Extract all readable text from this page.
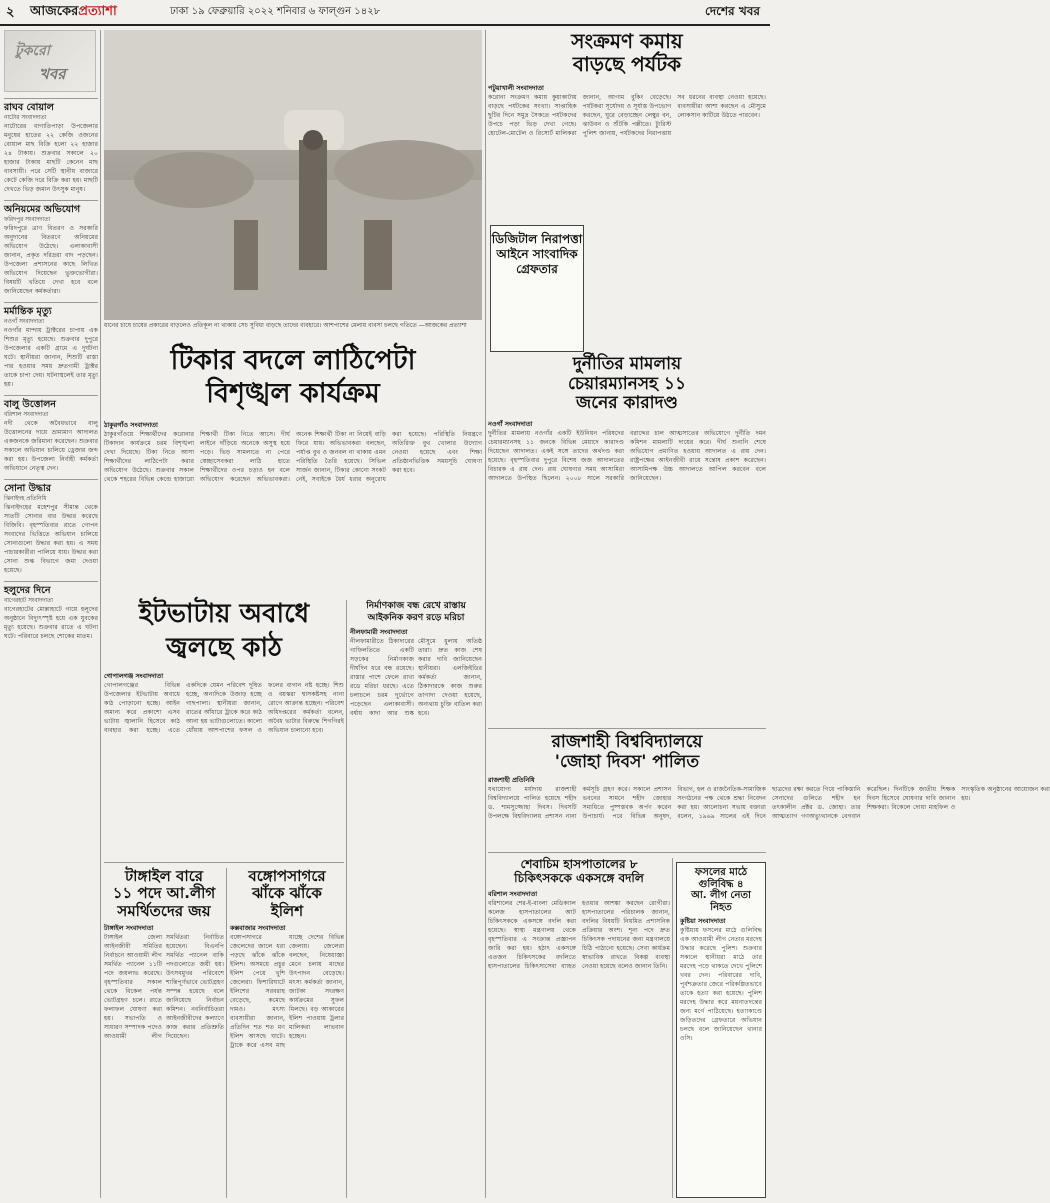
২ আজকেরপ্রত্যাশা	ঢাকা ১৯ ফেব্রুয়ারি ২০২২ শনিবার ৬ ফাল্গুন ১৪২৮	দেশের খবর
টুকরো
খবর
রাঘব বোয়াল
নাটোর সংবাদদাতা
নাটোরের বাগাতিপাড়া উপজেলার মনুষের হাতের ২২ কেজি ওজনের বোয়াল মাছ বিক্রি হলো ২২ হাজার ২৪ টাকায়। শুক্রবার সকালে ২০ হাজার টাকায় মাছটি কেনেন মাছ ব্যবসায়ী। পরে সেটি স্থানীয় বাজারে কেটে কেজি দরে বিক্রি করা হয়। মাছটি দেখতে ভিড় জমান উৎসুক মানুষ।
অনিয়মের অভিযোগ
ফরিদপুর সংবাদদাতা
ফরিদপুরে ত্রাণ বিতরণ ও সরকারি অনুদানের বিতরণে অনিয়মের অভিযোগ উঠেছে। এলাকাবাসী জানান, প্রকৃত দরিদ্ররা বাদ পড়ছেন। উপজেলা প্রশাসনের কাছে লিখিত অভিযোগ দিয়েছেন ভুক্তভোগীরা। বিষয়টি খতিয়ে দেখা হবে বলে জানিয়েছেন কর্মকর্তারা।
মর্মান্তিক মৃত্যু
নওগাঁ সংবাদদাতা
নওগাঁর মান্দায় ট্রাক্টরের চাপায় এক শিশুর মৃত্যু হয়েছে। শুক্রবার দুপুরে উপজেলার একটি গ্রামে এ দুর্ঘটনা ঘটে। স্থানীয়রা জানান, শিশুটি রাস্তা পার হওয়ার সময় দ্রুতগামী ট্রাক্টর তাকে চাপা দেয়। ঘটনাস্থলেই তার মৃত্যু হয়।
বালু উত্তোলন
বরিশাল সংবাদদাতা
নদী থেকে অবৈধভাবে বালু উত্তোলনের দায়ে ভ্রাম্যমাণ আদালত একজনকে জরিমানা করেছেন। শুক্রবার সকালে অভিযান চালিয়ে ড্রেজার জব্দ করা হয়। উপজেলা নির্বাহী কর্মকর্তা অভিযানে নেতৃত্ব দেন।
সোনা উদ্ধার
ঝিনাইদহ প্রতিনিধি
ঝিনাইদহের মহেশপুর সীমান্ত থেকে সাতটি সোনার বার উদ্ধার করেছে বিজিবি। বৃহস্পতিবার রাতে গোপন সংবাদের ভিত্তিতে অভিযান চালিয়ে সোনাগুলো উদ্ধার করা হয়। এ সময় পাচারকারীরা পালিয়ে যায়। উদ্ধার করা সোনা শুল্ক বিভাগে জমা দেওয়া হয়েছে।
হলুদের দিনে
বাগেরহাট সংবাদদাতা
বাগেরহাটের মোল্লাহাটে গায়ে হলুদের অনুষ্ঠানে বিদ্যুৎস্পৃষ্ট হয়ে এক যুবকের মৃত্যু হয়েছে। শুক্রবার রাতে এ ঘটনা ঘটে। পরিবারে চলছে শোকের মাতম।
ধানের চাষে চাষের প্রকারের বাড়লেও প্রতিকূল না থাকায় সেচ সুবিধা বাড়ছে তাদের ব্যবহারে। আশপাশের মেলায় ব্যবসা চলছে গতিতে —আজকের প্রত্যাশা
টিকার বদলে লাঠিপেটা
বিশৃঙ্খল কার্যক্রম
ঠাকুরগাঁও সংবাদদাতা
ঠাকুরগাঁওয়ে শিক্ষার্থীদের করোনার টিকাদান কার্যক্রমে চরম বিশৃঙ্খলা দেখা দিয়েছে। টিকা নিতে আসা শিক্ষার্থীদের লাঠিপেটা করার অভিযোগ উঠেছে। শুক্রবার সকাল থেকে শহরের বিভিন্ন কেন্দ্রে হাজারো শিক্ষার্থী টিকা নিতে আসে। দীর্ঘ লাইনে দাঁড়িয়ে অনেকে অসুস্থ হয়ে পড়ে। ভিড় সামলাতে না পেরে স্বেচ্ছাসেবকরা লাঠি হাতে শিক্ষার্থীদের ওপর চড়াও হন বলে অভিযোগ করেছেন অভিভাবকরা। অনেক শিক্ষার্থী টিকা না নিয়েই বাড়ি ফিরে যায়। অভিভাবকরা বলছেন, পর্যাপ্ত বুথ ও জনবল না থাকায় এমন পরিস্থিতি তৈরি হয়েছে। সিভিল সার্জন জানান, টিকার কোনো সংকট নেই, সবাইকে ধৈর্য ধরার অনুরোধ করা হয়েছে। পরিস্থিতি নিয়ন্ত্রণে অতিরিক্ত বুথ খোলার উদ্যোগ নেওয়া হয়েছে এবং শিক্ষা প্রতিষ্ঠানভিত্তিক সময়সূচি ঘোষণা করা হবে।
ইটভাটায় অবাধে
জ্বলছে কাঠ
গোপালগঞ্জ সংবাদদাতা
গোপালগঞ্জের বিভিন্ন উপজেলার ইটভাটায় অবাধে কাঠ পোড়ানো হচ্ছে। আইন অমান্য করে প্রকাশ্যে এসব ভাটায় জ্বালানি হিসেবে কাঠ ব্যবহার করা হচ্ছে। এতে একদিকে যেমন পরিবেশ দূষিত হচ্ছে, অন্যদিকে উজাড় হচ্ছে গাছপালা। স্থানীয়রা জানান, রাতের আঁধারে ট্রাকে করে কাঠ আনা হয় ভাটাগুলোতে। কালো ধোঁয়ায় আশপাশের ফসল ও ফলের বাগান নষ্ট হচ্ছে। শিশু ও বয়স্করা শ্বাসকষ্টসহ নানা রোগে আক্রান্ত হচ্ছেন। পরিবেশ অধিদপ্তরের কর্মকর্তা বলেন, অবৈধ ভাটার বিরুদ্ধে শিগগিরই অভিযান চালানো হবে।
টাঙ্গাইল বারে
১১ পদে আ.লীগ
সমর্থিতদের জয়
টাঙ্গাইল সংবাদদাতা
টাঙ্গাইল জেলা আইনজীবী সমিতির নির্বাচনে আওয়ামী লীগ সমর্থিত প্যানেল ১১টি পদে জয়লাভ করেছে। বৃহস্পতিবার সকাল থেকে বিকেল পর্যন্ত ভোটগ্রহণ চলে। রাতে ফলাফল ঘোষণা করা হয়। সভাপতি ও সাধারণ সম্পাদক পদেও আওয়ামী লীগ সমর্থিতরা নির্বাচিত হয়েছেন। বিএনপি সমর্থিত প্যানেল বাকি পদগুলোতে জয়ী হয়। উৎসবমুখর পরিবেশে শান্তিপূর্ণভাবে ভোটগ্রহণ সম্পন্ন হয়েছে বলে জানিয়েছে নির্বাচন কমিশন। নবনির্বাচিতরা আইনজীবীদের কল্যাণে কাজ করার প্রতিশ্রুতি দিয়েছেন।
বঙ্গোপসাগরে
ঝাঁকে ঝাঁকে
ইলিশ
কক্সবাজার সংবাদদাতা
বঙ্গোপসাগরে জেলেদের জালে ধরা পড়ছে ঝাঁকে ঝাঁকে ইলিশ। অসময়ে প্রচুর ইলিশ পেয়ে খুশি জেলেরা। ফিশারিঘাটে ইলিশের সরবরাহ বেড়েছে, কমেছে দামও। মৎস্য ব্যবসায়ীরা জানান, প্রতিদিন শত শত মণ ইলিশ আসছে ঘাটে। ট্রাকে করে এসব মাছ যাচ্ছে দেশের বিভিন্ন জেলায়। জেলেরা বলছেন, নিষেধাজ্ঞা মেনে চলায় মাছের উৎপাদন বেড়েছে। মৎস্য কর্মকর্তা জানান, জাটকা সংরক্ষণ কার্যক্রমের সুফল মিলছে। বড় আকারের ইলিশ পাওয়ায় ট্রলার মালিকরা লাভবান হচ্ছেন।
নির্মাণকাজ বন্ধ রেখে রাস্তায় আইকনিক করণ রড়ে মরিচা
নীলফামারী সংবাদদাতা
নীলফামারীতে ঠিকাদারের গাফিলতিতে একটি সড়কের নির্মাণকাজ দীর্ঘদিন ধরে বন্ধ রয়েছে। রাস্তার পাশে ফেলে রাখা রডে মরিচা ধরছে। এতে চলাচলে চরম দুর্ভোগে পড়েছেন এলাকাবাসী। বর্ষায় কাদা আর শুষ্ক মৌসুমে ধুলায় অতিষ্ঠ তারা। দ্রুত কাজ শেষ করার দাবি জানিয়েছেন স্থানীয়রা। এলজিইডির কর্মকর্তা জানান, ঠিকাদারকে কাজ শুরুর তাগাদা দেওয়া হয়েছে, অন্যথায় চুক্তি বাতিল করা হবে।
সংক্রমণ কমায়
বাড়ছে পর্যটক
পটুয়াখালী সংবাদদাতা
করোনা সংক্রমণ কমায় কুয়াকাটায় বাড়ছে পর্যটকের সংখ্যা। সাপ্তাহিক ছুটির দিনে সমুদ্র সৈকতে পর্যটকদের উপচে পড়া ভিড় দেখা গেছে। হোটেল-মোটেল ও রিসোর্ট মালিকরা জানান, আগাম বুকিং বেড়েছে। পর্যটকরা সূর্যোদয় ও সূর্যাস্ত উপভোগ করছেন, ঘুরে বেড়াচ্ছেন লেম্বুর বন, ঝাউবন ও শুঁটকি পল্লীতে। ট্যুরিস্ট পুলিশ জানায়, পর্যটকদের নিরাপত্তায় সব ধরনের ব্যবস্থা নেওয়া হয়েছে। ব্যবসায়ীরা আশা করছেন এ মৌসুমে লোকসান কাটিয়ে উঠতে পারবেন।
ডিজিটাল নিরাপত্তা আইনে সাংবাদিক গ্রেফতার
দুর্নীতির মামলায়
চেয়ারম্যানসহ ১১
জনের কারাদণ্ড
নওগাঁ সংবাদদাতা
দুর্নীতির মামলায় নওগাঁর একটি ইউনিয়ন পরিষদের চেয়ারম্যানসহ ১১ জনকে বিভিন্ন মেয়াদে কারাদণ্ড দিয়েছেন আদালত। একই সঙ্গে তাদের অর্থদণ্ড করা হয়েছে। বৃহস্পতিবার দুপুরে বিশেষ জজ আদালতের বিচারক এ রায় দেন। রায় ঘোষণার সময় আসামিরা আদালতে উপস্থিত ছিলেন। ২০০৮ সালে সরকারি বরাদ্দের চাল আত্মসাতের অভিযোগে দুর্নীতি দমন কমিশন মামলাটি দায়ের করে। দীর্ঘ শুনানি শেষে অভিযোগ প্রমাণিত হওয়ায় আদালত এ রায় দেন। রাষ্ট্রপক্ষের আইনজীবী রায়ে সন্তোষ প্রকাশ করেছেন। আসামিপক্ষ উচ্চ আদালতে আপিল করবেন বলে জানিয়েছেন।
রাজশাহী বিশ্ববিদ্যালয়ে
'জোহা দিবস' পালিত
রাজশাহী প্রতিনিধি
যথাযোগ্য মর্যাদায় রাজশাহী বিশ্ববিদ্যালয়ে পালিত হয়েছে শহীদ ড. শামসুজ্জোহা দিবস। দিবসটি উপলক্ষে বিশ্ববিদ্যালয় প্রশাসন নানা কর্মসূচি গ্রহণ করে। সকালে প্রশাসন ভবনের সামনে শহীদ জোহার সমাধিতে পুষ্পস্তবক অর্পণ করেন উপাচার্য। পরে বিভিন্ন অনুষদ, বিভাগ, হল ও রাজনৈতিক-সামাজিক সংগঠনের পক্ষ থেকে শ্রদ্ধা নিবেদন করা হয়। আলোচনা সভায় বক্তারা বলেন, ১৯৬৯ সালের এই দিনে ছাত্রদের রক্ষা করতে গিয়ে পাকিস্তানি সেনাদের গুলিতে শহীদ হন তৎকালীন প্রক্টর ড. জোহা। তার আত্মত্যাগ গণঅভ্যুত্থানকে বেগবান করেছিল। দিনটিকে জাতীয় শিক্ষক দিবস হিসেবে ঘোষণার দাবি জানান শিক্ষকরা। বিকেলে দোয়া মাহফিল ও সাংস্কৃতিক অনুষ্ঠানের আয়োজন করা হয়।
শেবাচিম হাসপাতালের ৮
চিকিৎসককে একসঙ্গে বদলি
বরিশাল সংবাদদাতা
বরিশালের শের-ই-বাংলা মেডিক্যাল কলেজ হাসপাতালের আট চিকিৎসককে একসঙ্গে বদলি করা হয়েছে। স্বাস্থ্য মন্ত্রণালয় থেকে বৃহস্পতিবার এ সংক্রান্ত প্রজ্ঞাপন জারি করা হয়। হঠাৎ একসঙ্গে এতজন চিকিৎসকের বদলিতে হাসপাতালের চিকিৎসাসেবা ব্যাহত হওয়ার আশঙ্কা করছেন রোগীরা। হাসপাতালের পরিচালক জানান, বদলির বিষয়টি নিয়মিত প্রশাসনিক প্রক্রিয়ার অংশ। শূন্য পদে দ্রুত চিকিৎসক পদায়নের জন্য মন্ত্রণালয়ে চিঠি পাঠানো হয়েছে। সেবা কার্যক্রম স্বাভাবিক রাখতে বিকল্প ব্যবস্থা নেওয়া হয়েছে বলেও জানান তিনি।
ফসলের মাঠে
গুলিবিদ্ধ ৪
আ. লীগ নেতা
নিহত
কুষ্টিয়া সংবাদদাতা
কুষ্টিয়ায় ফসলের মাঠে গুলিবিদ্ধ এক আওয়ামী লীগ নেতার মরদেহ উদ্ধার করেছে পুলিশ। শুক্রবার সকালে স্থানীয়রা মাঠে তার মরদেহ পড়ে থাকতে দেখে পুলিশে খবর দেন। পরিবারের দাবি, পূর্বশত্রুতার জেরে পরিকল্পিতভাবে তাকে হত্যা করা হয়েছে। পুলিশ মরদেহ উদ্ধার করে ময়নাতদন্তের জন্য মর্গে পাঠিয়েছে। হত্যাকাণ্ডে জড়িতদের গ্রেফতারে অভিযান চলছে বলে জানিয়েছেন থানার ওসি।
